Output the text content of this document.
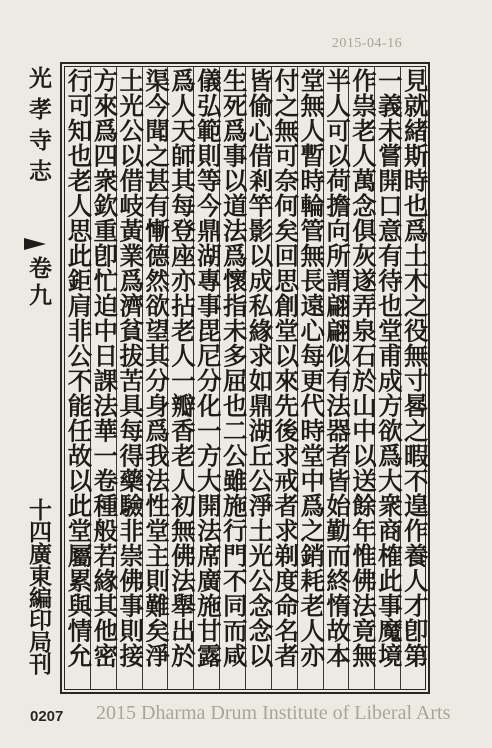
2015-04-16
光孝寺志
卷九
十四廣東編印局刊	見就緒斯時也爲土木之役無寸晷之暇不遑作養人才卽第
一義未嘗開口意有待也堂甫成方欲爲大衆商榷此事魔境
作祟老人萬念俱灰遂弄泉石於山中以送餘年惟佛法竟無
半人可以荷擔向所謂翩翩似有法器者皆始勤而終惰故本
堂無人暫時輪管無長遠心每更代時堂中爲之銷耗老人亦
付之無可奈何矣回思創堂以來先後求戒者求剃度命名者
皆偷心借剎竿影以成私緣求如鼎湖丘公淨土光公念念以
生死爲事以道法爲懷指未多屈也二公雖施行門不同而咸
儀弘範則等今鼎湖專事毘尼分化一方大開法席廣施甘露
爲人天師其每登座亦拈老人一瓣香老人初無佛法舉出於
渠今聞之甚有慚德然欲望其分身爲我法性堂主則難矣淨
土光公以借岐黃業爲濟貧拔苦具每得藥驗非崇佛事則接
方來爲四衆欽重卽忙迫中日課法華一卷種般若緣其他密
行可知也老人思此鉅肩非公不能任故以此堂屬累與情允
0207 2015 Dharma Drum Institute of Liberal Arts
